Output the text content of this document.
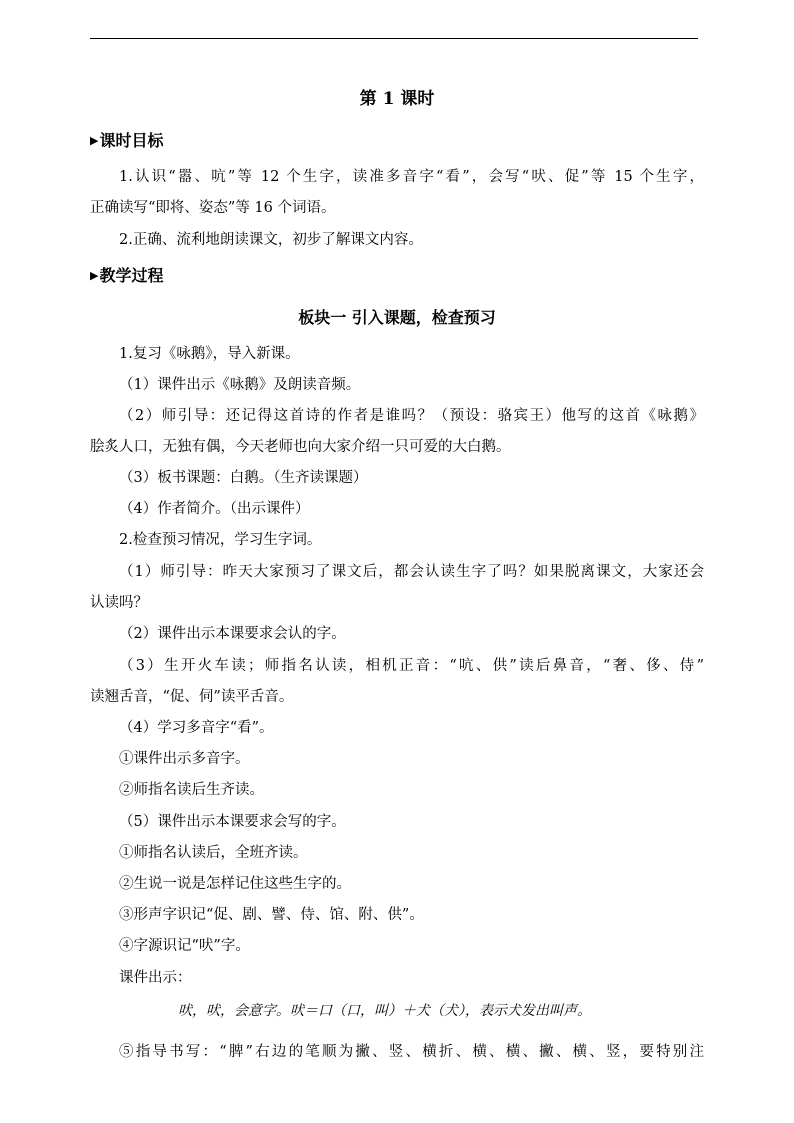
第 1 课时
▶课时目标
1.认识“嚣、吭”等 12 个生字，读准多音字“看”，会写“吠、促”等 15 个生字，
正确读写“即将、姿态”等 16 个词语。
2.正确、流利地朗读课文，初步了解课文内容。
▶教学过程
板块一 引入课题，检查预习
1.复习《咏鹅》，导入新课。
（1）课件出示《咏鹅》及朗读音频。
（2）师引导：还记得这首诗的作者是谁吗？（预设：骆宾王）他写的这首《咏鹅》
脍炙人口，无独有偶，今天老师也向大家介绍一只可爱的大白鹅。
（3）板书课题：白鹅。（生齐读课题）
（4）作者简介。（出示课件）
2.检查预习情况，学习生字词。
（1）师引导：昨天大家预习了课文后，都会认读生字了吗？如果脱离课文，大家还会
认读吗？
（2）课件出示本课要求会认的字。
（3）生开火车读；师指名认读，相机正音：“吭、供”读后鼻音，“奢、侈、侍”
读翘舌音，“促、伺”读平舌音。
（4）学习多音字“看”。
①课件出示多音字。
②师指名读后生齐读。
（5）课件出示本课要求会写的字。
①师指名认读后，全班齐读。
②生说一说是怎样记住这些生字的。
③形声字识记“促、剧、譬、侍、馆、附、供”。
④字源识记“吠”字。
课件出示：
吠，吠，会意字。吠＝口（口，叫）＋犬（犬），表示犬发出叫声。
⑤指导书写：“脾”右边的笔顺为撇、竖、横折、横、横、撇、横、竖，要特别注
